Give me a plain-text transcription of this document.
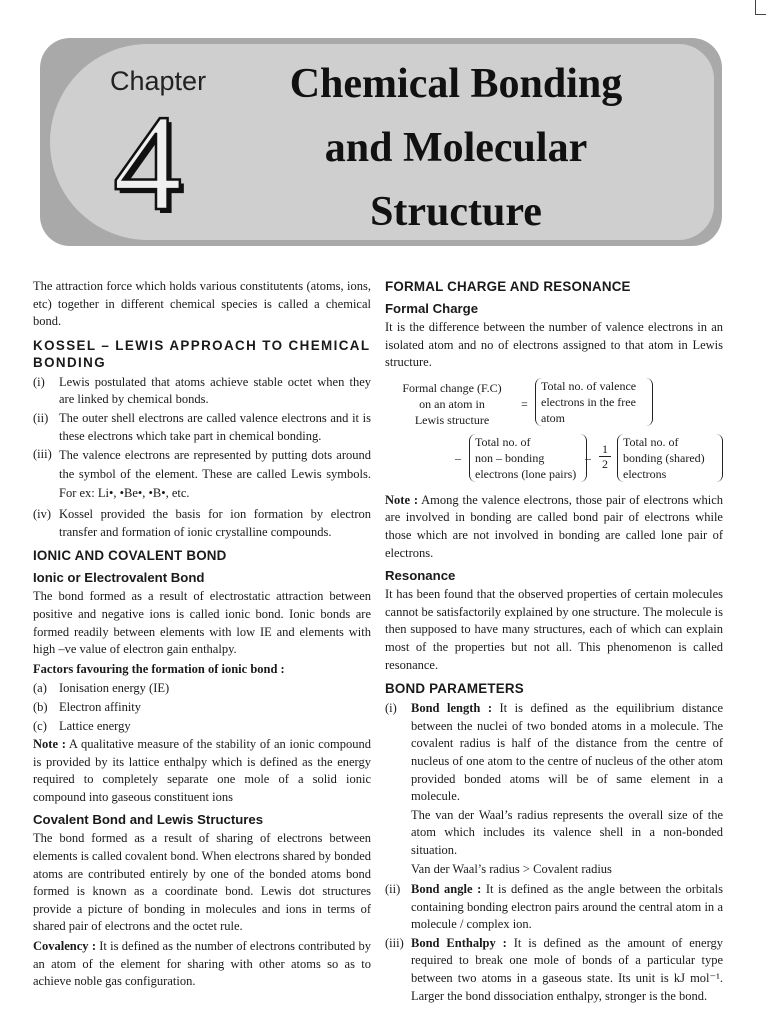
Chapter
4
Chemical Bonding
and Molecular
Structure

The attraction force which holds various constitutents (atoms, ions, etc) together in different chemical species is called a chemical bond.

KOSSEL – LEWIS APPROACH TO CHEMICAL BONDING
(i)	Lewis postulated that atoms achieve stable octet when they are linked by chemical bonds.
(ii) The outer shell electrons are called valence electrons and it is these electrons which take part in chemical bonding.
(iii) The valence electrons are represented by putting dots around the symbol of the element. These are called Lewis symbols. For ex: Li•, •Be•, •B•, etc.
(iv) Kossel provided the basis for ion formation by electron transfer and formation of ionic crystalline compounds.
IONIC AND COVALENT BOND
Ionic or Electrovalent Bond

The bond formed as a result of electrostatic attraction between positive and negative ions is called ionic bond. Ionic bonds are formed readily between elements with low IE and elements with high –ve value of electron gain enthalpy.

Factors favouring the formation of ionic bond :

(a) Ionisation energy (IE)
(b) Electron affinity
(c) Lattice energy

Note : A qualitative measure of the stability of an ionic compound is provided by its lattice enthalpy which is defined as the energy required to completely separate one mole of a solid ionic compound into gaseous constituent ions

Covalent Bond and Lewis Structures

The bond formed as a result of sharing of electrons between elements is called covalent bond. When electrons shared by bonded atoms are contributed entirely by one of the bonded atoms bond formed is known as a coordinate bond. Lewis dot structures provide a picture of bonding in molecules and ions in terms of shared pair of electrons and the octet rule.

Covalency : It is defined as the number of electrons contributed by an atom of the element for sharing with other atoms so as to achieve noble gas configuration.

FORMAL CHARGE AND RESONANCE
Formal Charge

It is the difference between the number of valence electrons in an isolated atom and no of electrons assigned to that atom in Lewis structure.

Formal change (F.C)
on an atom in
Lewis structure
=
Total no. of valence
electrons in the free
atom
–
Total no. of
non – bonding
electrons (lone pairs)
– $\frac{1}{2}$ Total no. of
bonding (shared)
electrons

Note : Among the valence electrons, those pair of electrons which are involved in bonding are called bond pair of electrons while those which are not involved in bonding are called lone pair of electrons.

Resonance

It has been found that the observed properties of certain molecules cannot be satisfactorily explained by one structure. The molecule is then supposed to have many structures, each of which can explain most of the properties but not all. This phenomenon is called resonance.

BOND PARAMETERS
(i)	Bond length : It is defined as the equilibrium distance between the nuclei of two bonded atoms in a molecule. The covalent radius is half of the distance from the centre of nucleus of one atom to the centre of nucleus of the other atom provided bonded atoms will be of same element in a molecule.

The van der Waal’s radius represents the overall size of the atom which includes its valence shell in a non-bonded situation.

Van der Waal’s radius > Covalent radius

(ii) Bond angle : It is defined as the angle between the orbitals containing bonding electron pairs around the central atom in a molecule / complex ion.
(iii) Bond Enthalpy : It is defined as the amount of energy required to break one mole of bonds of a particular type between two atoms in a gaseous state. Its unit is kJ mol⁻¹. Larger the bond dissociation enthalpy, stronger is the bond.
